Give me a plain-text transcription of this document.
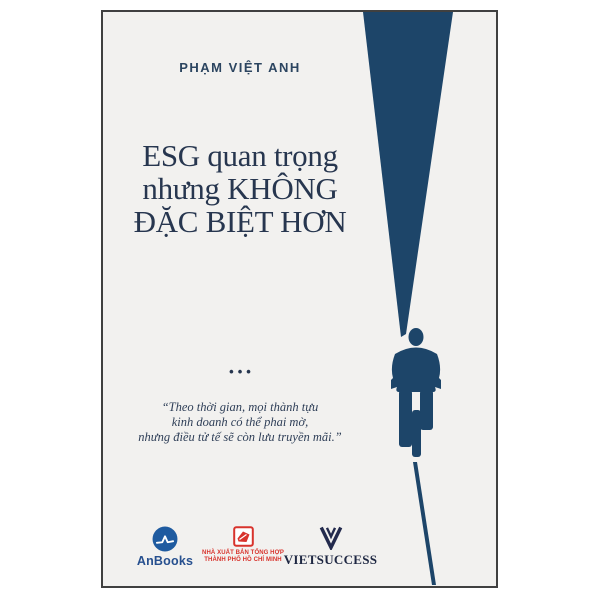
PHẠM VIỆT ANH
ESG quan trọng
nhưng KHÔNG
ĐẶC BIỆT HƠN
•••
“Theo thời gian, mọi thành tựu
kinh doanh có thể phai mờ,
nhưng điều tử tế sẽ còn lưu truyền mãi.”
AnBooks
NHÀ XUẤT BẢN TỔNG HỢP
THÀNH PHỐ HỒ CHÍ MINH VIETSUCCESS
